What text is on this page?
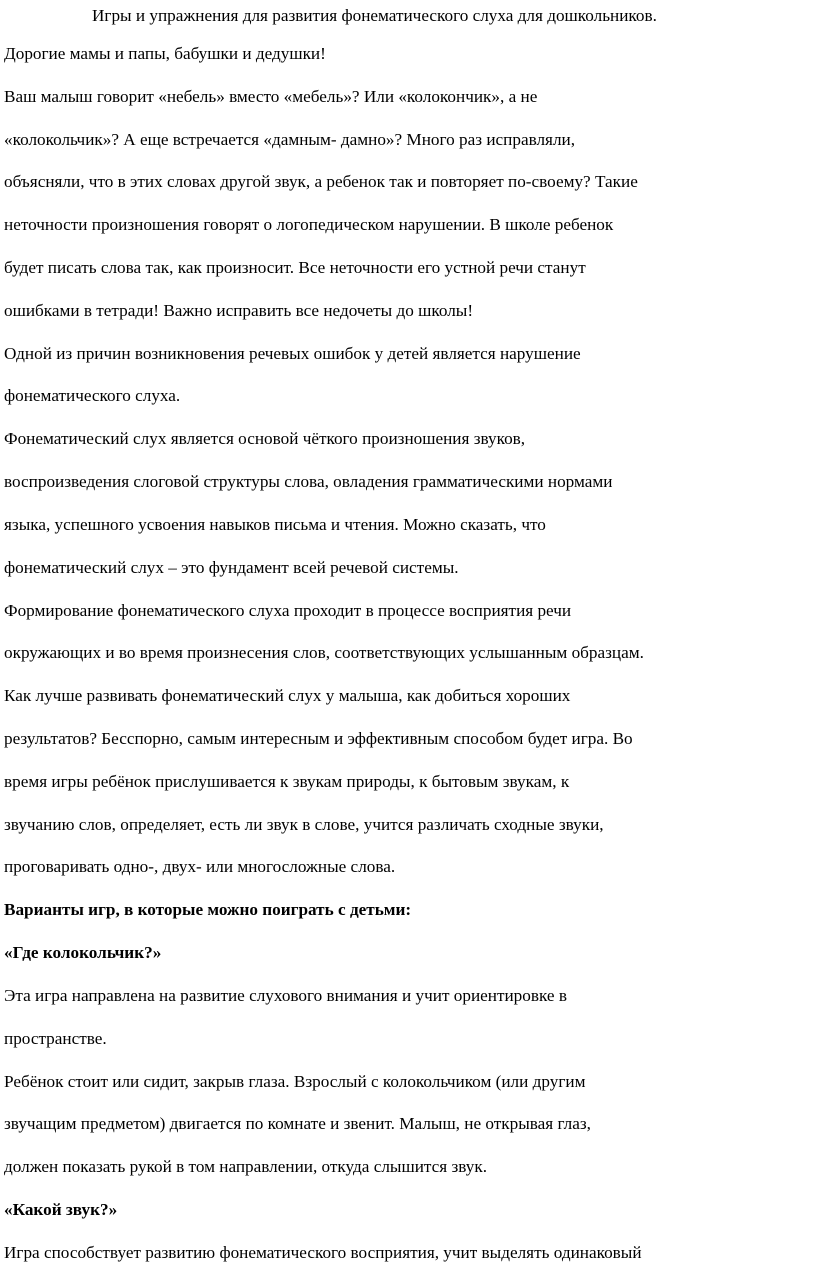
Игры и упражнения для развития фонематического слуха для дошкольников.
Дорогие мамы и папы, бабушки и дедушки!
Ваш малыш говорит «небель» вместо «мебель»? Или «колокончик», а не
«колокольчик»? А еще встречается «дамным- дамно»? Много раз исправляли,
объясняли, что в этих словах другой звук, а ребенок так и повторяет по-своему? Такие
неточности произношения говорят о логопедическом нарушении. В школе ребенок
будет писать слова так, как произносит. Все неточности его устной речи станут
ошибками в тетради! Важно исправить все недочеты до школы!
Одной из причин возникновения речевых ошибок у детей является нарушение
фонематического слуха.
Фонематический слух является основой чёткого произношения звуков,
воспроизведения слоговой структуры слова, овладения грамматическими нормами
языка, успешного усвоения навыков письма и чтения. Можно сказать, что
фонематический слух – это фундамент всей речевой системы.
Формирование фонематического слуха проходит в процессе восприятия речи
окружающих и во время произнесения слов, соответствующих услышанным образцам.
Как лучше развивать фонематический слух у малыша, как добиться хороших
результатов? Бесспорно, самым интересным и эффективным способом будет игра. Во
время игры ребёнок прислушивается к звукам природы, к бытовым звукам, к
звучанию слов, определяет, есть ли звук в слове, учится различать сходные звуки,
проговаривать одно-, двух- или многосложные слова.
Варианты игр, в которые можно поиграть с детьми:
«Где колокольчик?»
Эта игра направлена на развитие слухового внимания и учит ориентировке в
пространстве.
Ребёнок стоит или сидит, закрыв глаза. Взрослый с колокольчиком (или другим
звучащим предметом) двигается по комнате и звенит. Малыш, не открывая глаз,
должен показать рукой в том направлении, откуда слышится звук.
«Какой звук?»
Игра способствует развитию фонематического восприятия, учит выделять одинаковый
